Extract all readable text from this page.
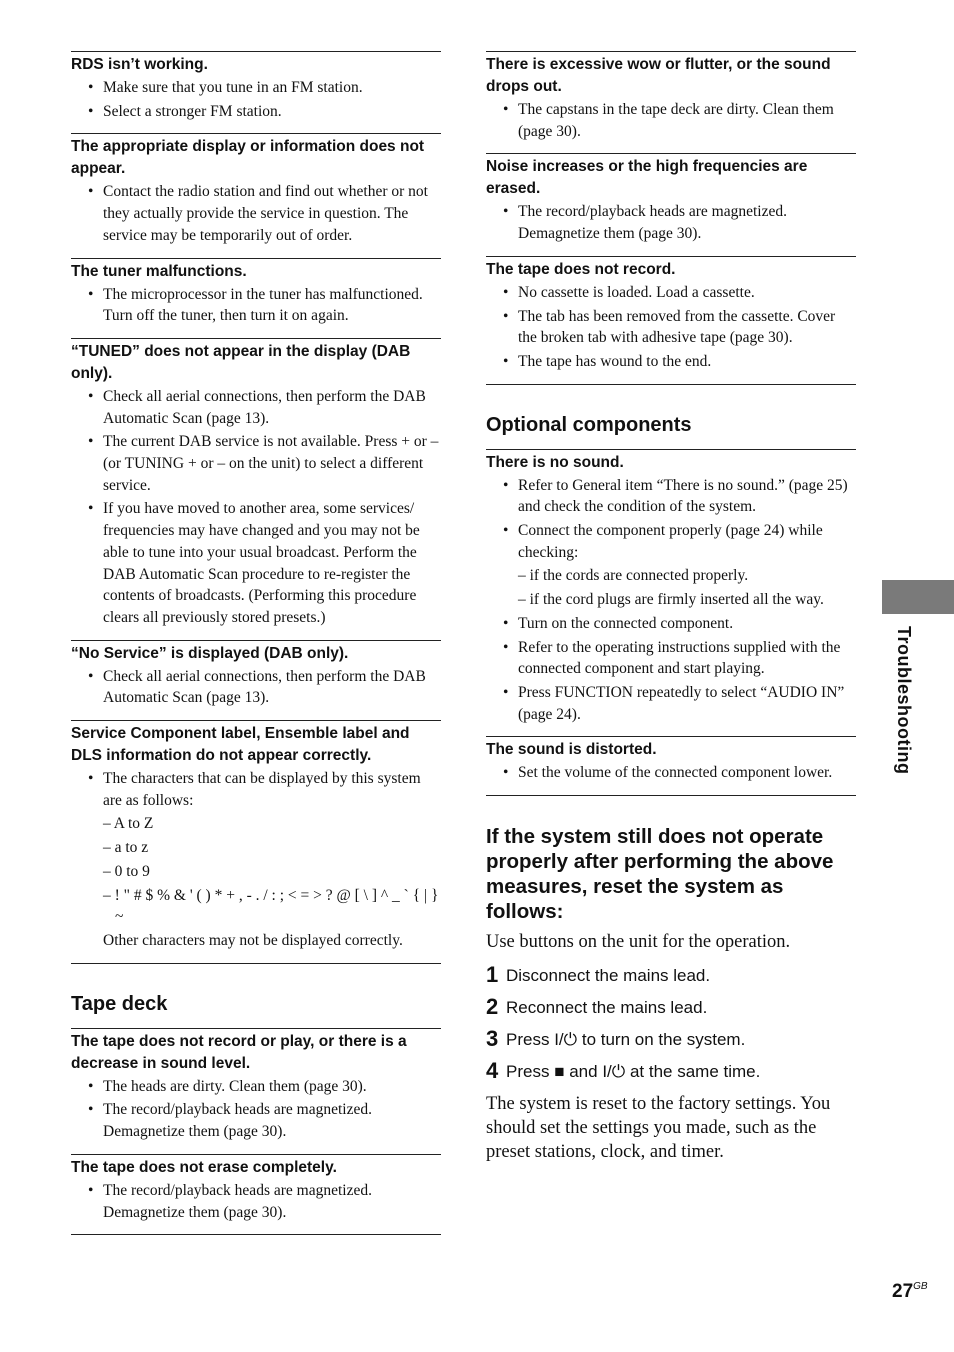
RDS isn’t working.
• Make sure that you tune in an FM station.
• Select a stronger FM station.
The appropriate display or information does not appear.
• Contact the radio station and find out whether or not they actually provide the service in question. The service may be temporarily out of order.
The tuner malfunctions.
• The microprocessor in the tuner has malfunctioned. Turn off the tuner, then turn it on again.
“TUNED” does not appear in the display (DAB only).
• Check all aerial connections, then perform the DAB Automatic Scan (page 13).
• The current DAB service is not available. Press + or – (or TUNING + or – on the unit) to select a different service.
• If you have moved to another area, some services/ frequencies may have changed and you may not be able to tune into your usual broadcast. Perform the DAB Automatic Scan procedure to re-register the contents of broadcasts. (Performing this procedure clears all previously stored presets.)
“No Service” is displayed (DAB only).
• Check all aerial connections, then perform the DAB Automatic Scan (page 13).
Service Component label, Ensemble label and DLS information do not appear correctly.
• The characters that can be displayed by this system are as follows:
– A to Z
– a to z
– 0 to 9
– ! " # $ % & ' ( ) * + , - . / : ; < = > ? @ [ \ ] ^ _ ` { | } ~
Other characters may not be displayed correctly.
Tape deck
The tape does not record or play, or there is a decrease in sound level.
• The heads are dirty. Clean them (page 30).
• The record/playback heads are magnetized. Demagnetize them (page 30).
The tape does not erase completely.
• The record/playback heads are magnetized. Demagnetize them (page 30).
There is excessive wow or flutter, or the sound drops out.
• The capstans in the tape deck are dirty. Clean them (page 30).
Noise increases or the high frequencies are erased.
• The record/playback heads are magnetized. Demagnetize them (page 30).
The tape does not record.
• No cassette is loaded. Load a cassette.
• The tab has been removed from the cassette. Cover the broken tab with adhesive tape (page 30).
• The tape has wound to the end.
Optional components
There is no sound.
• Refer to General item “There is no sound.” (page 25) and check the condition of the system.
• Connect the component properly (page 24) while checking:
– if the cords are connected properly.
– if the cord plugs are firmly inserted all the way.
• Turn on the connected component.
• Refer to the operating instructions supplied with the connected component and start playing.
• Press FUNCTION repeatedly to select “AUDIO IN” (page 24).
The sound is distorted.
• Set the volume of the connected component lower.
If the system still does not operate properly after performing the above measures, reset the system as follows:

Use buttons on the unit for the operation.

1 Disconnect the mains lead.
2 Reconnect the mains lead.
3 Press I/⏻ to turn on the system.
4 Press ■ and I/⏻ at the same time.

The system is reset to the factory settings. You should set the settings you made, such as the preset stations, clock, and timer.

Troubleshooting
$27^{GB}$
